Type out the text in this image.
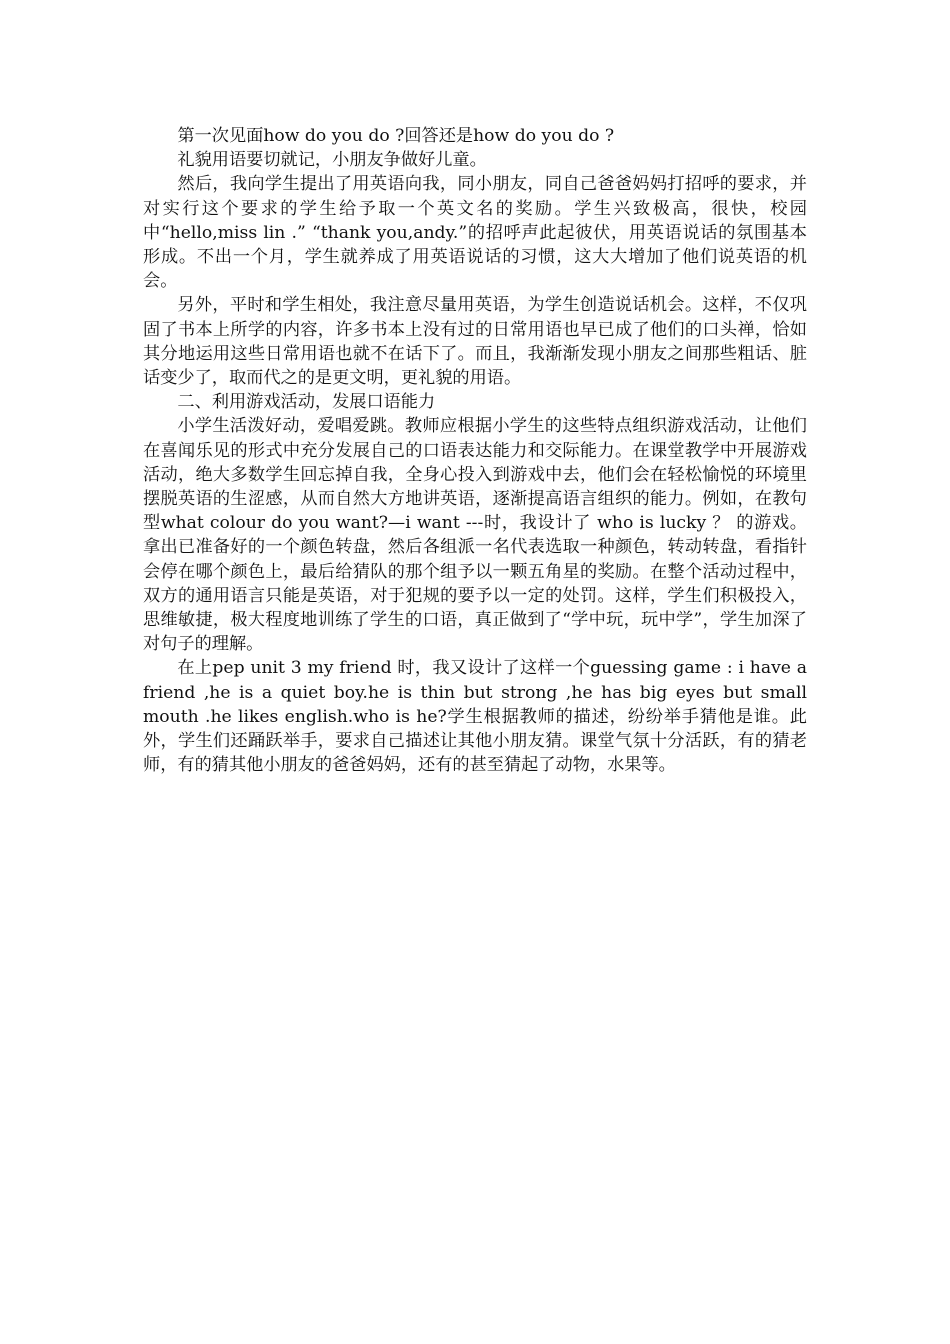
第一次见面how do you do ?回答还是how do you do ?

礼貌用语要切就记，小朋友争做好儿童。

然后，我向学生提出了用英语向我，同小朋友，同自己爸爸妈妈打招呼的要求，并对实行这个要求的学生给予取一个英文名的奖励。学生兴致极高，很快，校园中“hello,miss lin .” “thank you,andy.”的招呼声此起彼伏，用英语说话的氛围基本形成。不出一个月，学生就养成了用英语说话的习惯，这大大增加了他们说英语的机会。

另外，平时和学生相处，我注意尽量用英语，为学生创造说话机会。这样，不仅巩固了书本上所学的内容，许多书本上没有过的日常用语也早已成了他们的口头禅，恰如其分地运用这些日常用语也就不在话下了。而且，我渐渐发现小朋友之间那些粗话、脏话变少了，取而代之的是更文明，更礼貌的用语。

二、利用游戏活动，发展口语能力

小学生活泼好动，爱唱爱跳。教师应根据小学生的这些特点组织游戏活动，让他们在喜闻乐见的形式中充分发展自己的口语表达能力和交际能力。在课堂教学中开展游戏活动，绝大多数学生回忘掉自我，全身心投入到游戏中去，他们会在轻松愉悦的环境里摆脱英语的生涩感，从而自然大方地讲英语，逐渐提高语言组织的能力。例如，在教句型what colour do you want?—i want ---时，我设计了 who is lucky ？ 的游戏。拿出已准备好的一个颜色转盘，然后各组派一名代表选取一种颜色，转动转盘，看指针会停在哪个颜色上，最后给猜队的那个组予以一颗五角星的奖励。在整个活动过程中，双方的通用语言只能是英语，对于犯规的要予以一定的处罚。这样，学生们积极投入，思维敏捷，极大程度地训练了学生的口语，真正做到了“学中玩，玩中学”，学生加深了对句子的理解。

在上pep unit 3 my friend 时，我又设计了这样一个guessing game : i have a friend ,he is a quiet boy.he is thin but strong ,he has big eyes but small mouth .he likes english.who is he?学生根据教师的描述，纷纷举手猜他是谁。此外，学生们还踊跃举手，要求自己描述让其他小朋友猜。课堂气氛十分活跃，有的猜老师，有的猜其他小朋友的爸爸妈妈，还有的甚至猜起了动物，水果等。
